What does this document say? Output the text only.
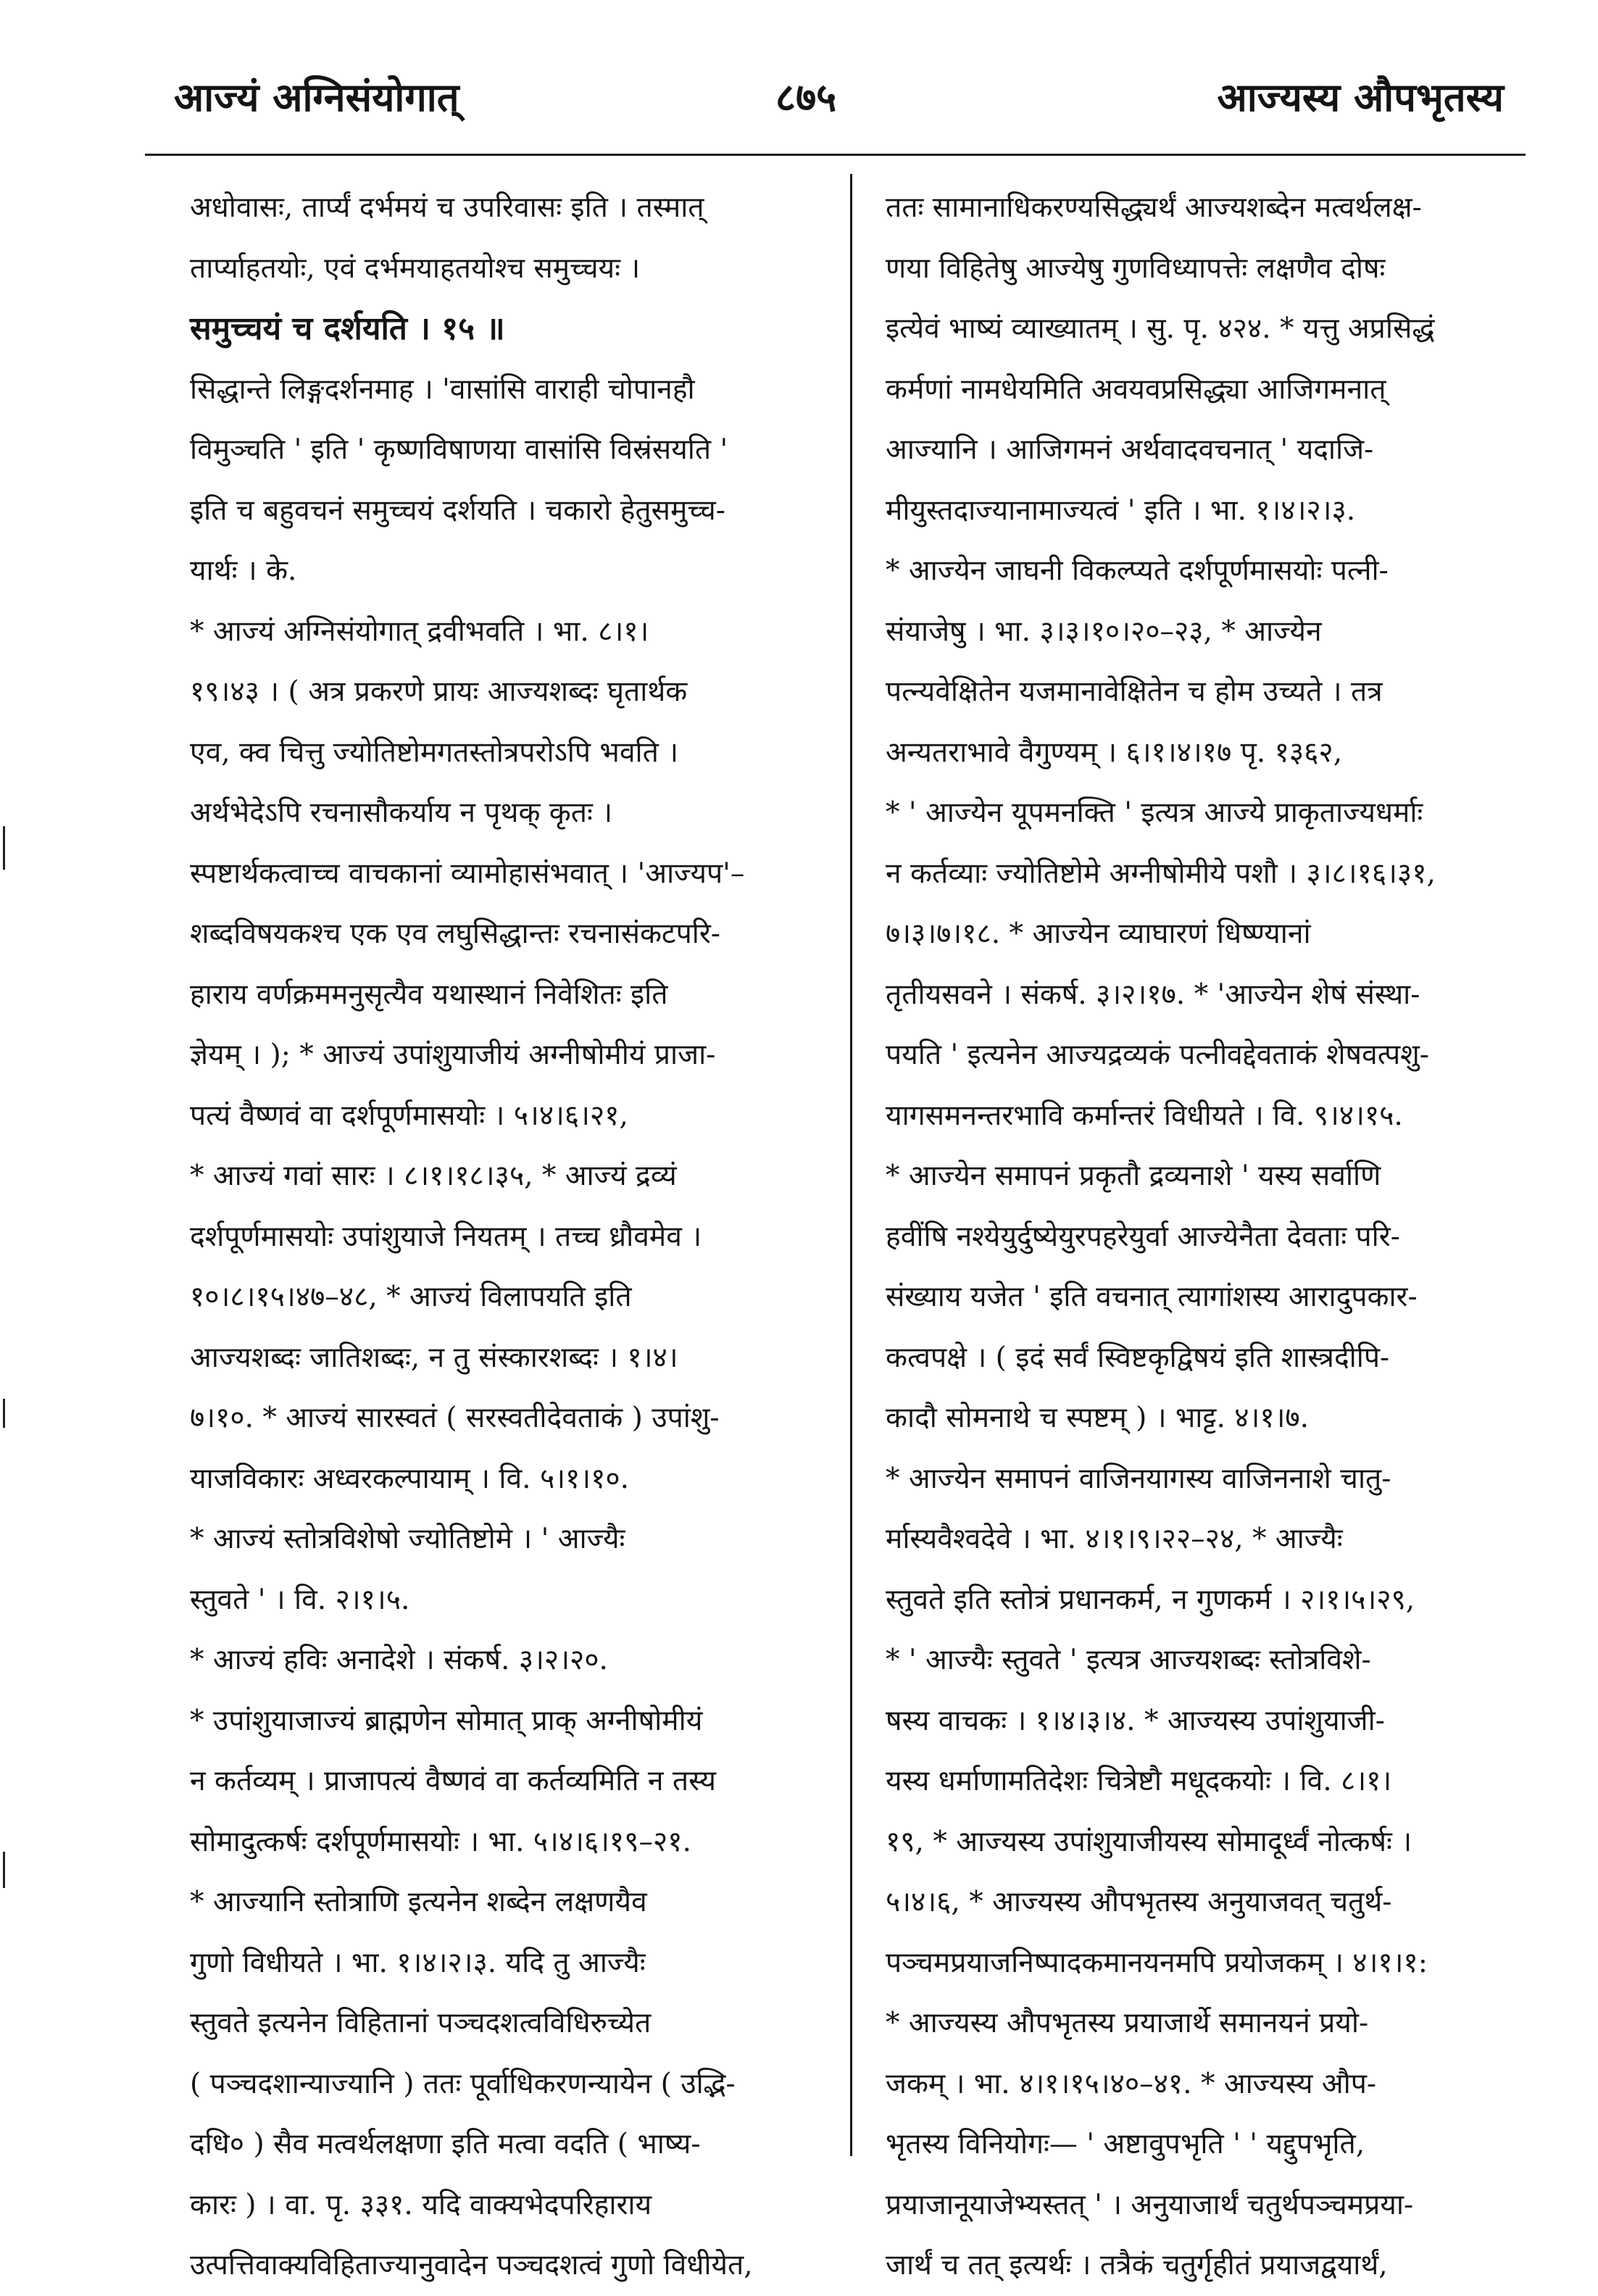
आज्यं अग्निसंयोगात्	८७५	आज्यस्य औपभृतस्य
अधोवासः, तार्प्यं दर्भमयं च उपरिवासः इति । तस्मात्
तार्प्याहतयोः, एवं दर्भमयाहतयोश्च समुच्चयः ।
समुच्चयं च दर्शयति । १५ ॥
सिद्धान्ते लिङ्गदर्शनमाह । 'वासांसि वाराही चोपानहौ
विमुञ्चति ' इति ' कृष्णविषाणया वासांसि विस्रंसयति '
इति च बहुवचनं समुच्चयं दर्शयति । चकारो हेतुसमुच्च-
यार्थः । के.
* आज्यं अग्निसंयोगात् द्रवीभवति । भा. ८।१।
१९।४३ । ( अत्र प्रकरणे प्रायः आज्यशब्दः घृतार्थक
एव, क्व चित्तु ज्योतिष्टोमगतस्तोत्रपरोऽपि भवति ।
अर्थभेदेऽपि रचनासौकर्याय न पृथक् कृतः ।
स्पष्टार्थकत्वाच्च वाचकानां व्यामोहासंभवात् । 'आज्यप'–
शब्दविषयकश्च एक एव लघुसिद्धान्तः रचनासंकटपरि-
हाराय वर्णक्रममनुसृत्यैव यथास्थानं निवेशितः इति
ज्ञेयम् । ); * आज्यं उपांशुयाजीयं अग्नीषोमीयं प्राजा-
पत्यं वैष्णवं वा दर्शपूर्णमासयोः । ५।४।६।२१,
* आज्यं गवां सारः । ८।१।१८।३५, * आज्यं द्रव्यं
दर्शपूर्णमासयोः उपांशुयाजे नियतम् । तच्च ध्रौवमेव ।
१०।८।१५।४७–४८, * आज्यं विलापयति इति
आज्यशब्दः जातिशब्दः, न तु संस्कारशब्दः । १।४।
७।१०. * आज्यं सारस्वतं ( सरस्वतीदेवताकं ) उपांशु-
याजविकारः अध्वरकल्पायाम् । वि. ५।१।१०.
* आज्यं स्तोत्रविशेषो ज्योतिष्टोमे । ' आज्यैः
स्तुवते ' । वि. २।१।५.
* आज्यं हविः अनादेशे । संकर्ष. ३।२।२०.
* उपांशुयाजाज्यं ब्राह्मणेन सोमात् प्राक् अग्नीषोमीयं
न कर्तव्यम् । प्राजापत्यं वैष्णवं वा कर्तव्यमिति न तस्य
सोमादुत्कर्षः दर्शपूर्णमासयोः । भा. ५।४।६।१९–२१.
* आज्यानि स्तोत्राणि इत्यनेन शब्देन लक्षणयैव
गुणो विधीयते । भा. १।४।२।३. यदि तु आज्यैः
स्तुवते इत्यनेन विहितानां पञ्चदशत्वविधिरुच्येत
( पञ्चदशान्याज्यानि ) ततः पूर्वाधिकरणन्यायेन ( उद्भि-
दधि० ) सैव मत्वर्थलक्षणा इति मत्वा वदति ( भाष्य-
कारः ) । वा. पृ. ३३१. यदि वाक्यभेदपरिहाराय
उत्पत्तिवाक्यविहिताज्यानुवादेन पञ्चदशत्वं गुणो विधीयेत,
ततः सामानाधिकरण्यसिद्ध्यर्थं आज्यशब्देन मत्वर्थलक्ष-
णया विहितेषु आज्येषु गुणविध्यापत्तेः लक्षणैव दोषः
इत्येवं भाष्यं व्याख्यातम् । सु. पृ. ४२४. * यत्तु अप्रसिद्धं
कर्मणां नामधेयमिति अवयवप्रसिद्ध्या आजिगमनात्
आज्यानि । आजिगमनं अर्थवादवचनात् ' यदाजि-
मीयुस्तदाज्यानामाज्यत्वं ' इति । भा. १।४।२।३.
* आज्येन जाघनी विकल्प्यते दर्शपूर्णमासयोः पत्नी-
संयाजेषु । भा. ३।३।१०।२०–२३, * आज्येन
पत्न्यवेक्षितेन यजमानावेक्षितेन च होम उच्यते । तत्र
अन्यतराभावे वैगुण्यम् । ६।१।४।१७ पृ. १३६२,
* ' आज्येन यूपमनक्ति ' इत्यत्र आज्ये प्राकृताज्यधर्माः
न कर्तव्याः ज्योतिष्टोमे अग्नीषोमीये पशौ । ३।८।१६।३१,
७।३।७।१८. * आज्येन व्याघारणं धिष्ण्यानां
तृतीयसवने । संकर्ष. ३।२।१७. * 'आज्येन शेषं संस्था-
पयति ' इत्यनेन आज्यद्रव्यकं पत्नीवद्देवताकं शेषवत्पशु-
यागसमनन्तरभावि कर्मान्तरं विधीयते । वि. ९।४।१५.
* आज्येन समापनं प्रकृतौ द्रव्यनाशे ' यस्य सर्वाणि
हवींषि नश्येयुर्दुष्येयुरपहरेयुर्वा आज्येनैता देवताः परि-
संख्याय यजेत ' इति वचनात् त्यागांशस्य आरादुपकार-
कत्वपक्षे । ( इदं सर्वं स्विष्टकृद्विषयं इति शास्त्रदीपि-
कादौ सोमनाथे च स्पष्टम् ) । भाट्ट. ४।१।७.
* आज्येन समापनं वाजिनयागस्य वाजिननाशे चातु-
र्मास्यवैश्वदेवे । भा. ४।१।९।२२–२४, * आज्यैः
स्तुवते इति स्तोत्रं प्रधानकर्म, न गुणकर्म । २।१।५।२९,
* ' आज्यैः स्तुवते ' इत्यत्र आज्यशब्दः स्तोत्रविशे-
षस्य वाचकः । १।४।३।४. * आज्यस्य उपांशुयाजी-
यस्य धर्माणामतिदेशः चित्रेष्टौ मधूदकयोः । वि. ८।१।
१९, * आज्यस्य उपांशुयाजीयस्य सोमादूर्ध्वं नोत्कर्षः ।
५।४।६, * आज्यस्य औपभृतस्य अनुयाजवत् चतुर्थ-
पञ्चमप्रयाजनिष्पादकमानयनमपि प्रयोजकम् । ४।१।१:
* आज्यस्य औपभृतस्य प्रयाजार्थे समानयनं प्रयो-
जकम् । भा. ४।१।१५।४०–४१. * आज्यस्य औप-
भृतस्य विनियोगः— ' अष्टावुपभृति ' ' यद्दुपभृति,
प्रयाजानूयाजेभ्यस्तत् ' । अनुयाजार्थं चतुर्थपञ्चमप्रया-
जार्थं च तत् इत्यर्थः । तत्रैकं चतुर्गृहीतं प्रयाजद्वयार्थं,
